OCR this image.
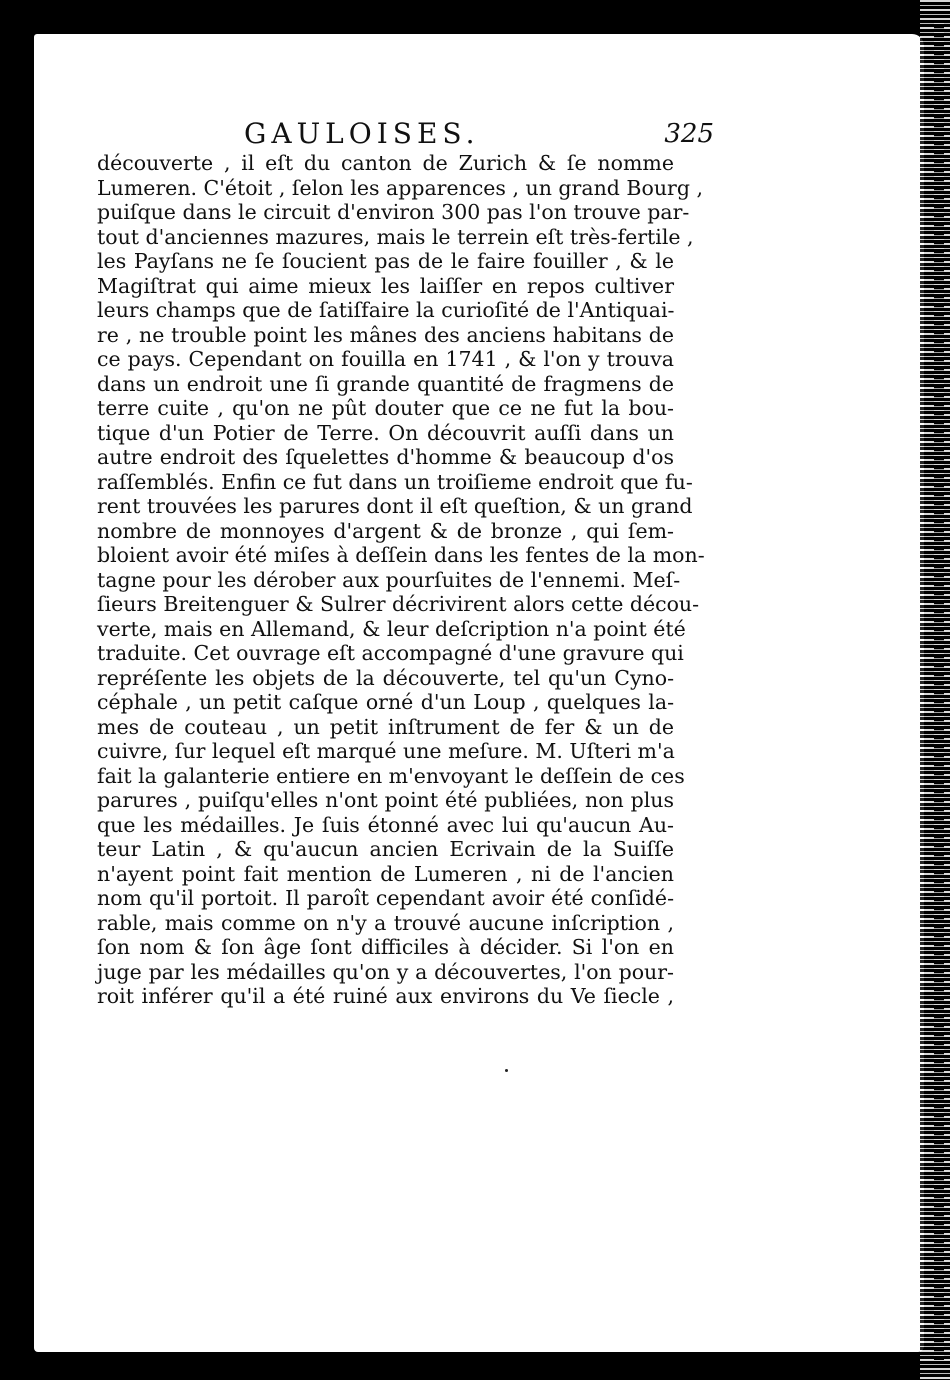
GAULOISES.	325
découverte , il eſt du canton de Zurich & ſe nomme
Lumeren. C'étoit , ſelon les apparences , un grand Bourg ,
puiſque dans le circuit d'environ 300 pas l'on trouve par-
tout d'anciennes mazures, mais le terrein eſt très-fertile ,
les Payſans ne ſe ſoucient pas de le faire fouiller , & le
Magiſtrat qui aime mieux les laiſſer en repos cultiver
leurs champs que de ſatiſfaire la curioſité de l'Antiquai-
re , ne trouble point les mânes des anciens habitans de
ce pays. Cependant on fouilla en 1741 , & l'on y trouva
dans un endroit une ſi grande quantité de fragmens de
terre cuite , qu'on ne pût douter que ce ne fut la bou-
tique d'un Potier de Terre. On découvrit auſſi dans un
autre endroit des ſquelettes d'homme & beaucoup d'os
raſſemblés. Enfin ce fut dans un troiſieme endroit que fu-
rent trouvées les parures dont il eſt queſtion, & un grand
nombre de monnoyes d'argent & de bronze , qui ſem-
bloient avoir été miſes à deſſein dans les fentes de la mon-
tagne pour les dérober aux pourſuites de l'ennemi. Meſ-
ſieurs Breitenguer & Sulrer décrivirent alors cette décou-
verte, mais en Allemand, & leur deſcription n'a point été
traduite. Cet ouvrage eſt accompagné d'une gravure qui
repréſente les objets de la découverte, tel qu'un Cyno-
céphale , un petit caſque orné d'un Loup , quelques la-
mes de couteau , un petit inſtrument de fer & un de
cuivre, ſur lequel eſt marqué une meſure. M. Uſteri m'a
fait la galanterie entiere en m'envoyant le deſſein de ces
parures , puiſqu'elles n'ont point été publiées, non plus
que les médailles. Je ſuis étonné avec lui qu'aucun Au-
teur Latin , & qu'aucun ancien Ecrivain de la Suiſſe
n'ayent point fait mention de Lumeren , ni de l'ancien
nom qu'il portoit. Il paroît cependant avoir été conſidé-
rable, mais comme on n'y a trouvé aucune inſcription ,
ſon nom & ſon âge ſont difficiles à décider. Si l'on en
juge par les médailles qu'on y a découvertes, l'on pour-
roit inférer qu'il a été ruiné aux environs du Ve ſiecle ,
